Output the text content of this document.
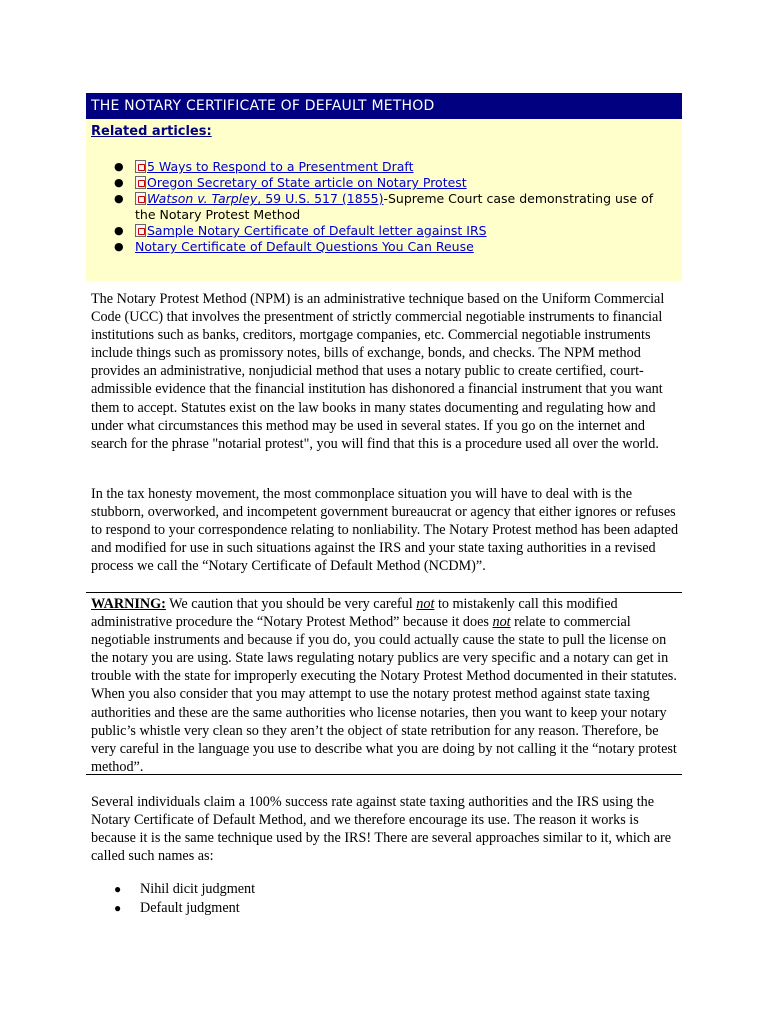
THE NOTARY CERTIFICATE OF DEFAULT METHOD
Related articles:
● 5 Ways to Respond to a Presentment Draft
● Oregon Secretary of State article on Notary Protest
● Watson v. Tarpley, 59 U.S. 517 (1855)-Supreme Court case demonstrating use of
the Notary Protest Method
● Sample Notary Certificate of Default letter against IRS
● Notary Certificate of Default Questions You Can Reuse

The Notary Protest Method (NPM) is an administrative technique based on the Uniform Commercial Code (UCC) that involves the presentment of strictly commercial negotiable instruments to financial institutions such as banks, creditors, mortgage companies, etc. Commercial negotiable instruments include things such as promissory notes, bills of exchange, bonds, and checks. The NPM method provides an administrative, nonjudicial method that uses a notary public to create certified, court-admissible evidence that the financial institution has dishonored a financial instrument that you want them to accept. Statutes exist on the law books in many states documenting and regulating how and under what circumstances this method may be used in several states. If you go on the internet and search for the phrase "notarial protest", you will find that this is a procedure used all over the world.

In the tax honesty movement, the most commonplace situation you will have to deal with is the stubborn, overworked, and incompetent government bureaucrat or agency that either ignores or refuses to respond to your correspondence relating to nonliability. The Notary Protest method has been adapted and modified for use in such situations against the IRS and your state taxing authorities in a revised process we call the “Notary Certificate of Default Method (NCDM)”.

WARNING: We caution that you should be very careful not to mistakenly call this modified administrative procedure the “Notary Protest Method” because it does not relate to commercial negotiable instruments and because if you do, you could actually cause the state to pull the license on the notary you are using. State laws regulating notary publics are very specific and a notary can get in trouble with the state for improperly executing the Notary Protest Method documented in their statutes. When you also consider that you may attempt to use the notary protest method against state taxing authorities and these are the same authorities who license notaries, then you want to keep your notary public’s whistle very clean so they aren’t the object of state retribution for any reason. Therefore, be very careful in the language you use to describe what you are doing by not calling it the “notary protest method”.

Several individuals claim a 100% success rate against state taxing authorities and the IRS using the Notary Certificate of Default Method, and we therefore encourage its use. The reason it works is because it is the same technique used by the IRS! There are several approaches similar to it, which are called such names as:

● Nihil dicit judgment
● Default judgment
